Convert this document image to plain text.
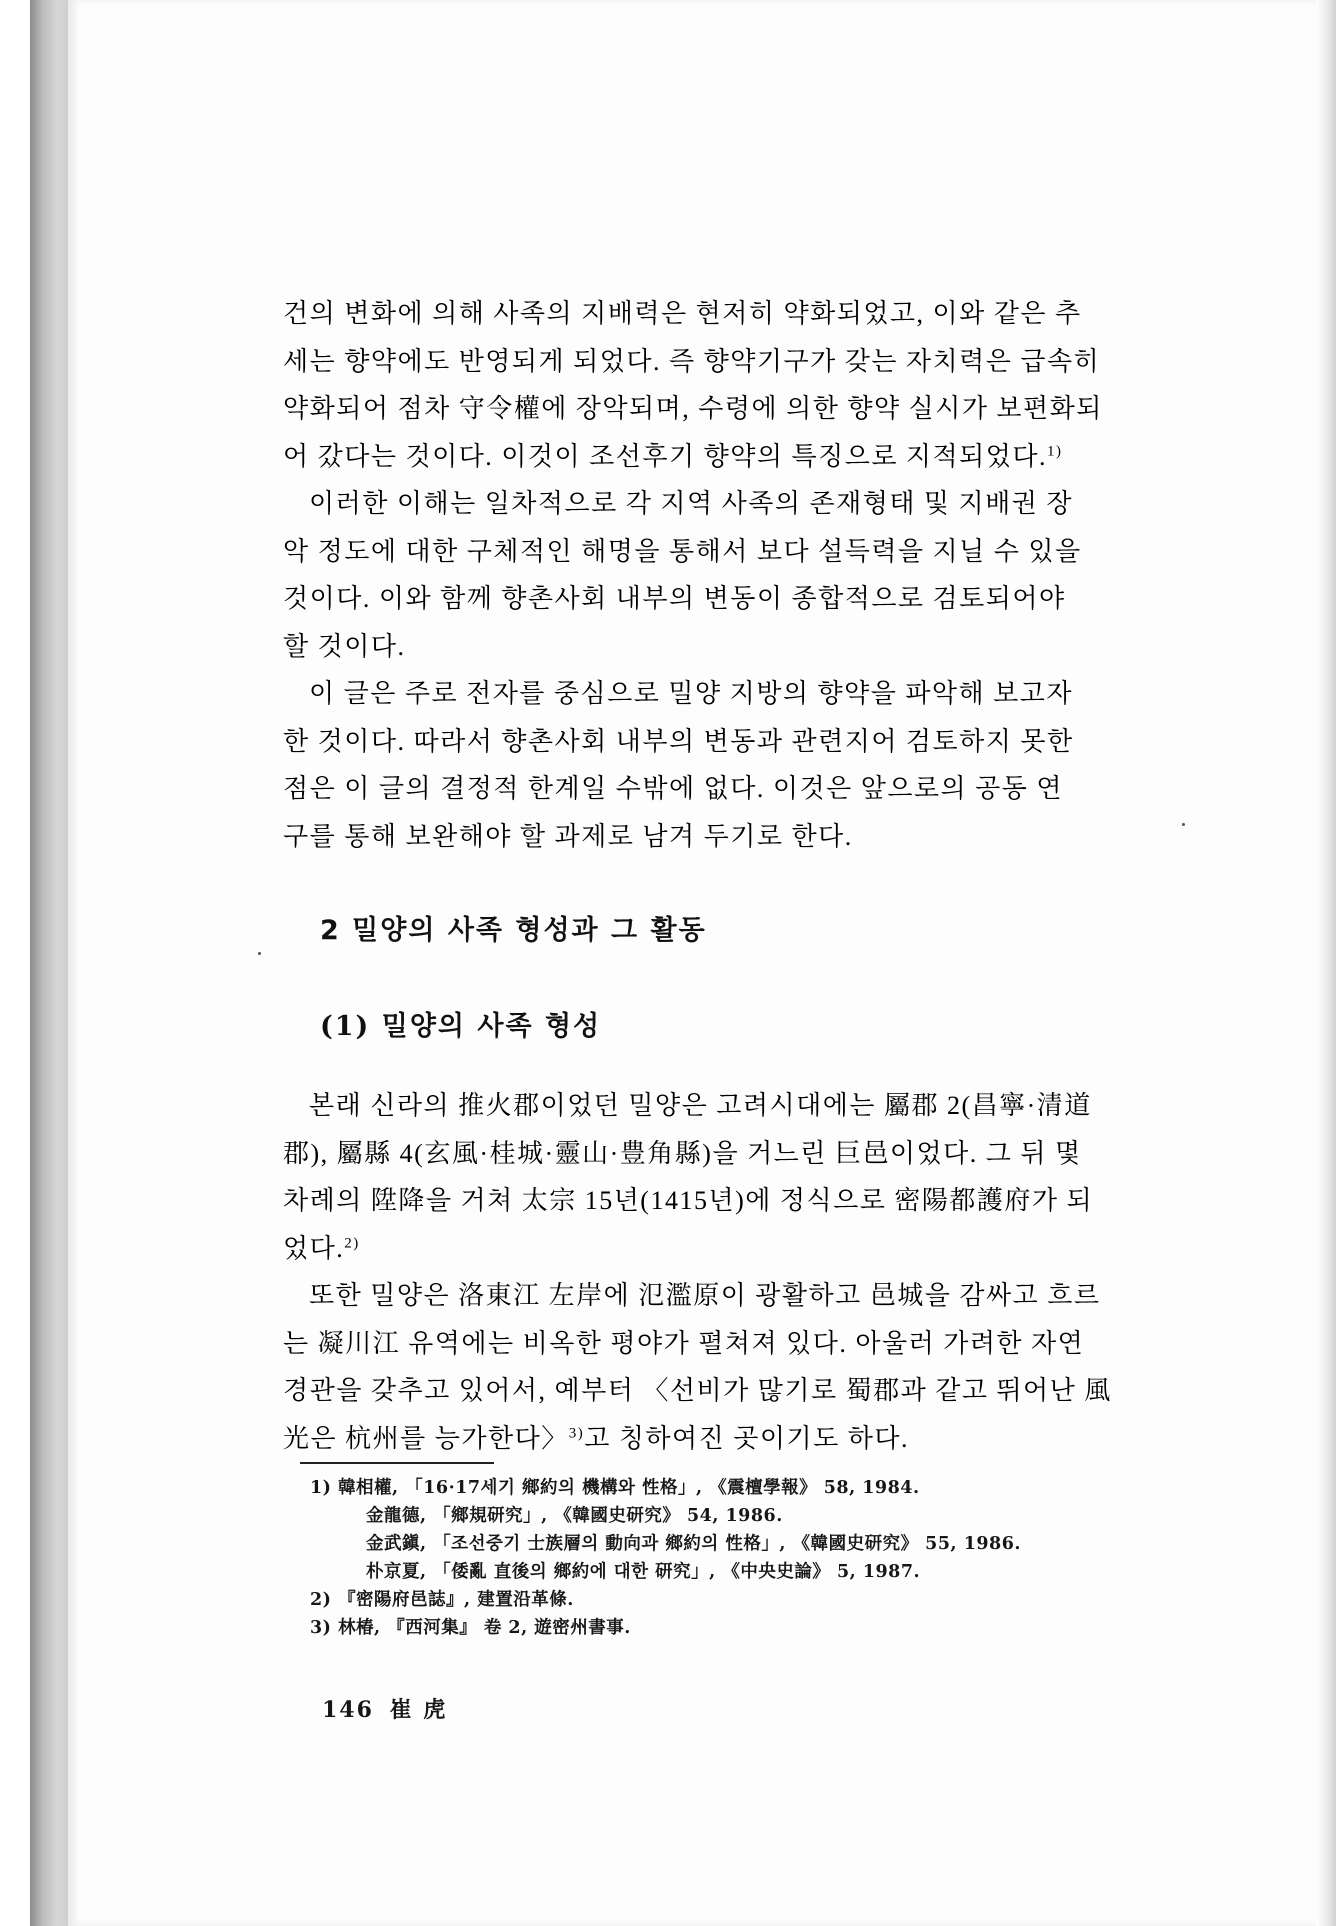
건의 변화에 의해 사족의 지배력은 현저히 약화되었고, 이와 같은 추
세는 향약에도 반영되게 되었다. 즉 향약기구가 갖는 자치력은 급속히
약화되어 점차 守令權에 장악되며, 수령에 의한 향약 실시가 보편화되
어 갔다는 것이다. 이것이 조선후기 향약의 특징으로 지적되었다.$^{1)}$

이러한 이해는 일차적으로 각 지역 사족의 존재형태 및 지배권 장
악 정도에 대한 구체적인 해명을 통해서 보다 설득력을 지닐 수 있을
것이다. 이와 함께 향촌사회 내부의 변동이 종합적으로 검토되어야
할 것이다.

이 글은 주로 전자를 중심으로 밀양 지방의 향약을 파악해 보고자
한 것이다. 따라서 향촌사회 내부의 변동과 관련지어 검토하지 못한
점은 이 글의 결정적 한계일 수밖에 없다. 이것은 앞으로의 공동 연
구를 통해 보완해야 할 과제로 남겨 두기로 한다.

2 밀양의 사족 형성과 그 활동
(1) 밀양의 사족 형성

본래 신라의 推火郡이었던 밀양은 고려시대에는 屬郡 2(昌寧·清道
郡), 屬縣 4(玄風·桂城·靈山·豊角縣)을 거느린 巨邑이었다. 그 뒤 몇
차례의 陞降을 거쳐 太宗 15년(1415년)에 정식으로 密陽都護府가 되
었다.$^{2)}$

또한 밀양은 洛東江 左岸에 氾濫原이 광활하고 邑城을 감싸고 흐르
는 凝川江 유역에는 비옥한 평야가 펼쳐져 있다. 아울러 가려한 자연
경관을 갖추고 있어서, 예부터 〈선비가 많기로 蜀郡과 같고 뛰어난 風
光은 杭州를 능가한다〉$^{3)}$고 칭하여진 곳이기도 하다.

1) 韓相權, 「16·17세기 鄉約의 機構와 性格」, 《震檀學報》 58, 1984.
金龍德, 「鄉規研究」, 《韓國史研究》 54, 1986.
金武鎭, 「조선중기 士族層의 動向과 鄉約의 性格」, 《韓國史研究》 55, 1986.
朴京夏, 「倭亂 直後의 鄉約에 대한 研究」, 《中央史論》 5, 1987.
2) 『密陽府邑誌』, 建置沿革條.
3) 林椿, 『西河集』 卷 2, 遊密州書事.
146 崔 虎
